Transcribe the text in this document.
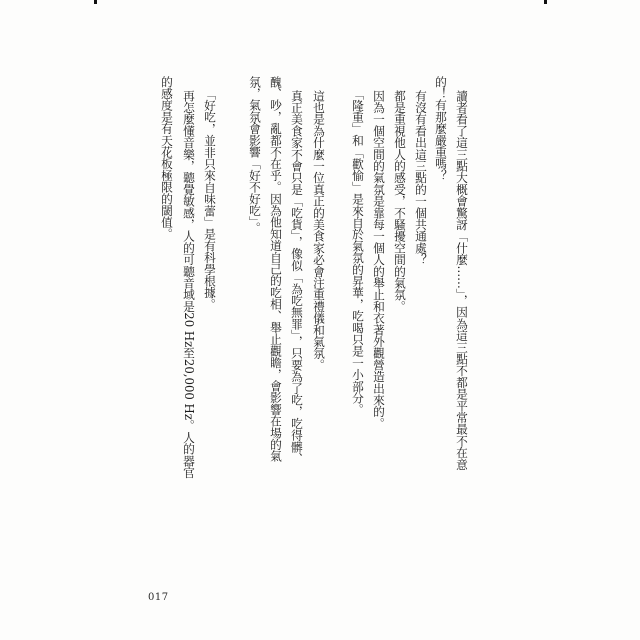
讀者看了這三點大概會驚訝「什麼……」，因為這三點不都是平常最不在意
的！有那麼嚴重嗎？
有沒有看出這三點的一個共通處？
都是重視他人的感受，不騷擾空間的氣氛。
因為一個空間的氣氛是靠每一個人的舉止和衣著外觀營造出來的。
「隆重」和「歡愉」是來自於氣氛的昇華，吃喝只是一小部分。
這也是為什麼一位真正的美食家必會注重禮儀和氣氛。
真正美食家不會只是「吃貨」，像似「為吃無罪」，只要為了吃，吃得髒、
醜、吵，亂都不在乎。因為他知道自己的吃相、舉止觀瞻，會影響在場的氣
氛，氣氛會影響「好不好吃」。
「好吃，並非只來自味蕾」是有科學根據。
再怎麼懂音樂，聽覺敏感，人的可聽音域是20 Hz至20,000 Hz。人的器官
的感度是有天花板極限的閾值。
017
